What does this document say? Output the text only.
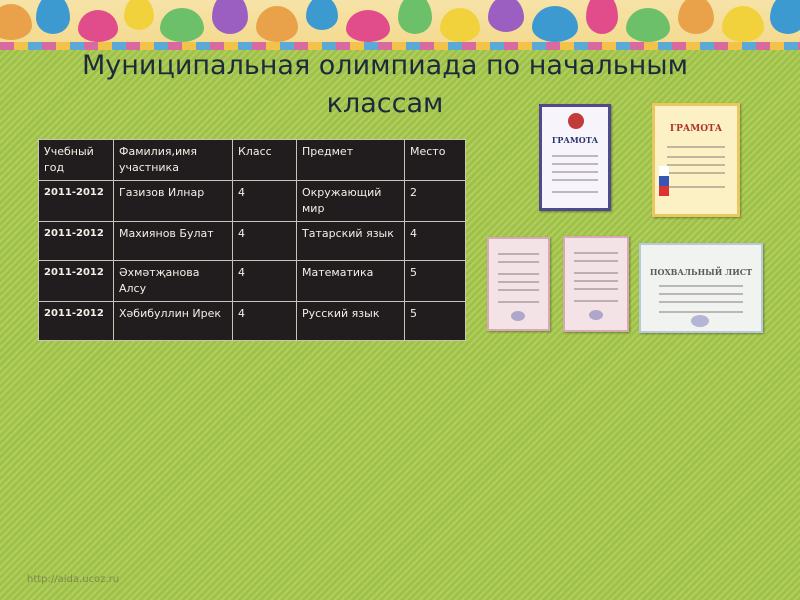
Муниципальная олимпиада по начальным классам
Учебный год	Фамилия,имя участника	Класс	Предмет	Место
2011-2012	Газизов Илнар	4	Окружающий мир	2
2011-2012	Махиянов Булат	4	Татарский язык	4
2011-2012	Әхмәтҗанова Алсу	4	Математика	5
2011-2012	Хәбибуллин Ирек	4	Русский язык	5
ГРАМОТА
ГРАМОТА
ПОХВАЛЬНЫЙ ЛИСТ
http://aida.ucoz.ru
